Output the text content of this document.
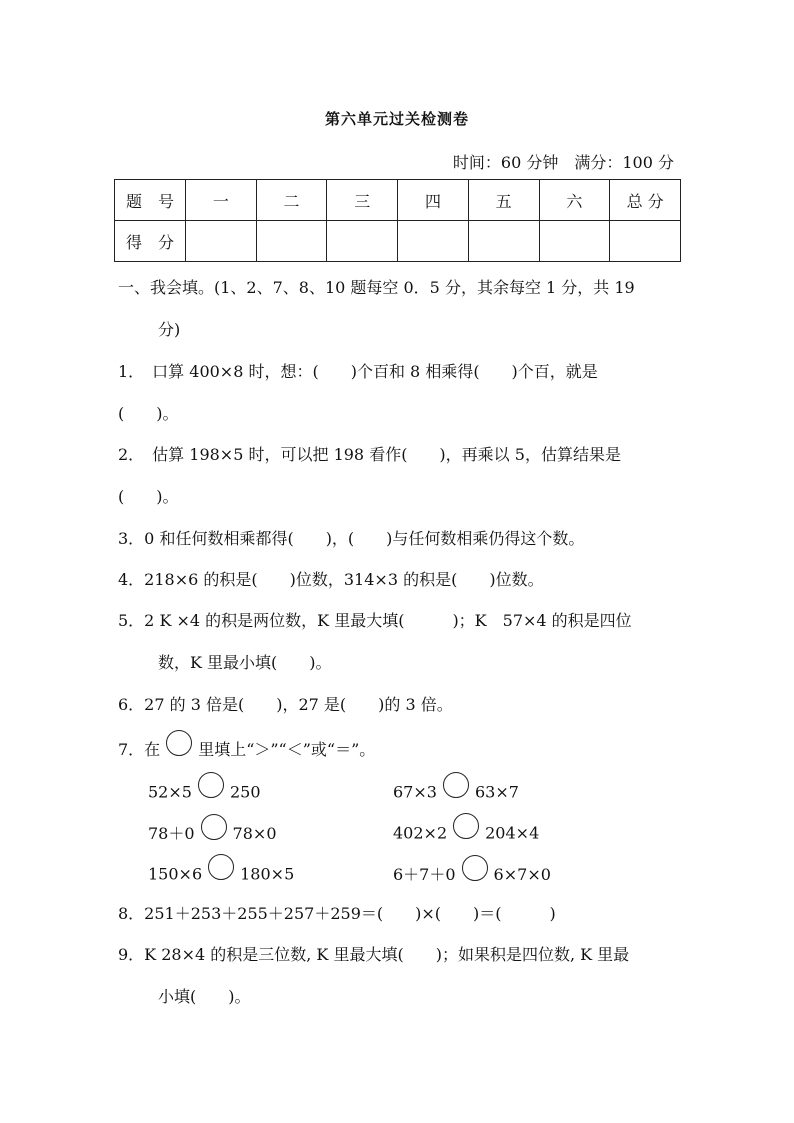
第六单元过关检测卷
时间：60 分钟　满分：100 分
题　号	一	二	三	四	五	六	总 分
得　分							
一、我会填。(1、2、7、8、10 题每空 0．5 分，其余每空 1 分，共 19
分)
1．　口算 400×8 时，想：(　　)个百和 8 相乘得(　　)个百，就是
(　　)。
2．　估算 198×5 时，可以把 198 看作(　　)，再乘以 5，估算结果是
(　　)。
3．0 和任何数相乘都得(　　)，(　　)与任何数相乘仍得这个数。
4．218×6 的积是(　　)位数，314×3 的积是(　　)位数。
5．2 K ×4 的积是两位数，K 里最大填(　　　)；K　57×4 的积是四位
数，K 里最小填(　　)。
6．27 的 3 倍是(　　)，27 是(　　)的 3 倍。
7．在 里填上“＞”“＜”或“＝”。
52×5 250	67×3 63×7
78＋0 78×0	402×2 204×4
150×6 180×5	6＋7＋0 6×7×0
8．251＋253＋255＋257＋259＝(　　)×(　　)＝(　　　)
9．K 28×4 的积是三位数, K 里最大填(　　)；如果积是四位数, K 里最
小填(　　)。
